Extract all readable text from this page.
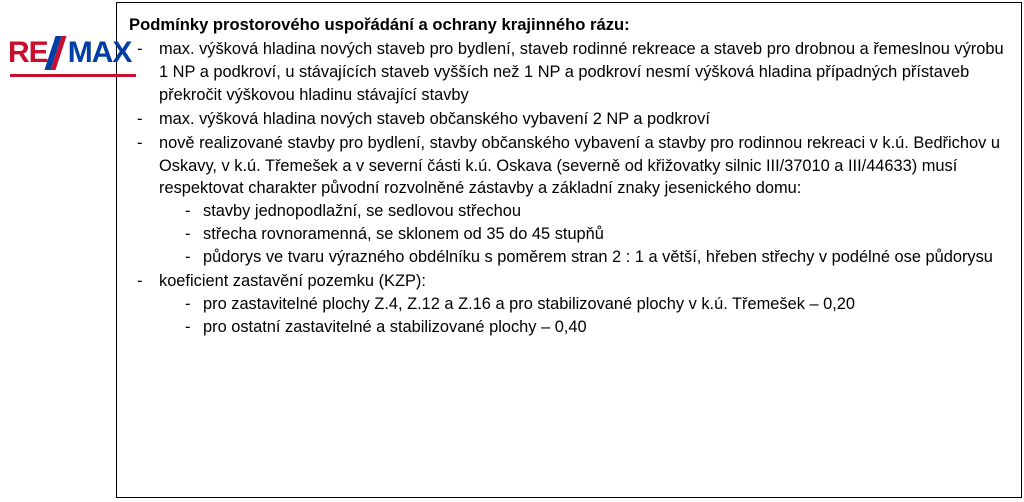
RE MAX
Podmínky prostorového uspořádání a ochrany krajinného rázu:
- max. výšková hladina nových staveb pro bydlení, staveb rodinné rekreace a staveb pro drobnou a řemeslnou výrobu 1 NP a podkroví, u stávajících staveb vyšších než 1 NP a podkroví nesmí výšková hladina případných přístaveb překročit výškovou hladinu stávající stavby
- max. výšková hladina nových staveb občanského vybavení 2 NP a podkroví
- nově realizované stavby pro bydlení, stavby občanského vybavení a stavby pro rodinnou rekreaci v k.ú. Bedřichov u Oskavy, v k.ú. Třemešek a v severní části k.ú. Oskava (severně od křižovatky silnic III/37010 a III/44633) musí respektovat charakter původní rozvolněné zástavby a základní znaky jesenického domu:
- stavby jednopodlažní, se sedlovou střechou
- střecha rovnoramenná, se sklonem od 35 do 45 stupňů
- půdorys ve tvaru výrazného obdélníku s poměrem stran 2 : 1 a větší, hřeben střechy v podélné ose půdorysu
- koeficient zastavění pozemku (KZP):
- pro zastavitelné plochy Z.4, Z.12 a Z.16 a pro stabilizované plochy v k.ú. Třemešek – 0,20
- pro ostatní zastavitelné a stabilizované plochy – 0,40
